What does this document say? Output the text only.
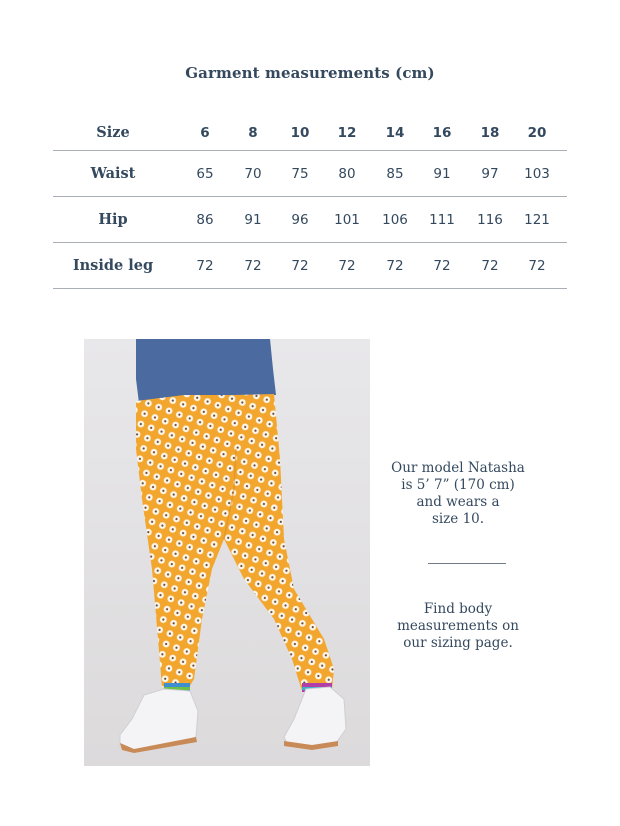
Garment measurements (cm)
Size	6	8	10	12	14	16	18	20
Waist	65	70	75	80	85	91	97	103
Hip	86	91	96	101	106	111	116	121
Inside leg	72	72	72	72	72	72	72	72
Our model Natasha
is 5’ 7” (170 cm)
and wears a
size 10.
Find body
measurements on
our sizing page.
